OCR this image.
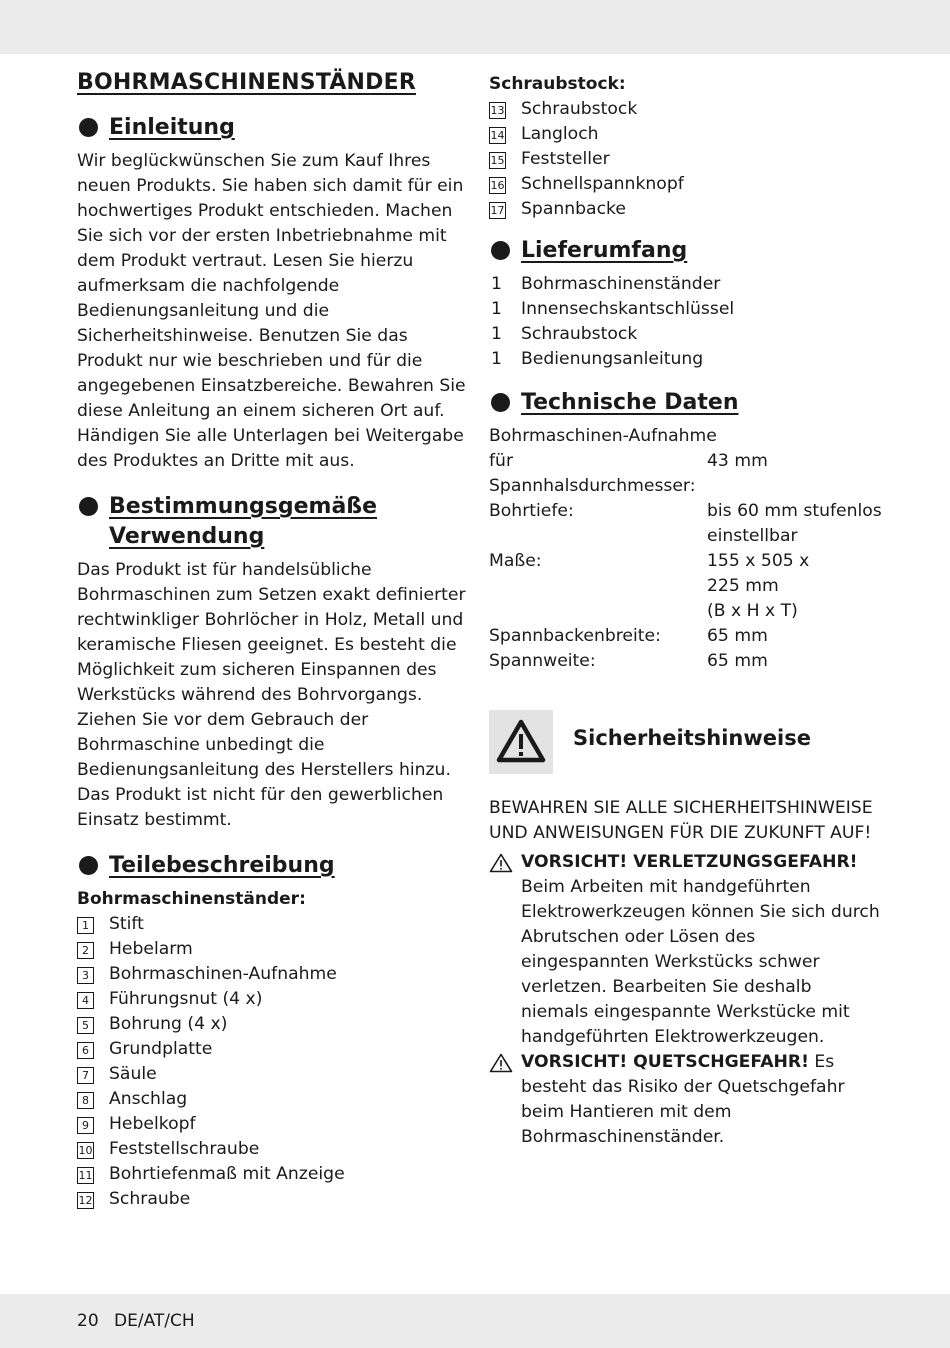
BOHRMASCHINENSTÄNDER
Einleitung

Wir beglückwünschen Sie zum Kauf Ihres neuen Produkts. Sie haben sich damit für ein hochwertiges Produkt entschieden. Machen Sie sich vor der ersten Inbetriebnahme mit dem Produkt vertraut. Lesen Sie hierzu aufmerksam die nachfolgende Bedienungsanleitung und die Sicherheitshinweise. Benutzen Sie das Produkt nur wie beschrieben und für die angegebenen Einsatzbereiche. Bewahren Sie diese Anleitung an einem sicheren Ort auf. Händigen Sie alle Unterlagen bei Weitergabe des Produktes an Dritte mit aus.

Bestimmungsgemäße
Verwendung

Das Produkt ist für handelsübliche Bohrmaschinen zum Setzen exakt definierter rechtwinkliger Bohrlöcher in Holz, Metall und keramische Fliesen geeignet. Es besteht die Möglichkeit zum sicheren Einspannen des Werkstücks während des Bohrvorgangs. Ziehen Sie vor dem Gebrauch der Bohrmaschine unbedingt die Bedienungsanleitung des Herstellers hinzu. Das Produkt ist nicht für den gewerblichen Einsatz bestimmt.

Teilebeschreibung
Bohrmaschinenständer:
1 Stift
2 Hebelarm
3 Bohrmaschinen-Aufnahme
4 Führungsnut (4 x)
5 Bohrung (4 x)
6 Grundplatte
7 Säule
8 Anschlag
9 Hebelkopf
10 Feststellschraube
11 Bohrtiefenmaß mit Anzeige
12 Schraube
Schraubstock:
13 Schraubstock
14 Langloch
15 Feststeller
16 Schnellspannknopf
17 Spannbacke
Lieferumfang
1 Bohrmaschinenständer
1 Innensechskantschlüssel
1 Schraubstock
1 Bedienungsanleitung
Technische Daten
Bohrmaschinen-Aufnahme	
für Spannhalsdurchmesser:	43 mm
Bohrtiefe:	bis 60 mm stufenlos
einstellbar

Maße:	155 x 505 x
225 mm
(B x H x T)

Spannbackenbreite:	65 mm
Spannweite:	65 mm
Sicherheitshinweise
BEWAHREN SIE ALLE SICHERHEITSHINWEISE UND ANWEISUNGEN FÜR DIE ZUKUNFT AUF!
VORSICHT! VERLETZUNGSGEFAHR!
Beim Arbeiten mit handgeführten Elektrowerkzeugen können Sie sich durch Abrutschen oder Lösen des eingespannten Werkstücks schwer verletzen. Bearbeiten Sie deshalb niemals eingespannte Werkstücke mit handgeführten Elektrowerkzeugen.
VORSICHT! QUETSCHGEFAHR! Es besteht das Risiko der Quetschgefahr beim Hantieren mit dem Bohrmaschinenständer.
20 DE/AT/CH
